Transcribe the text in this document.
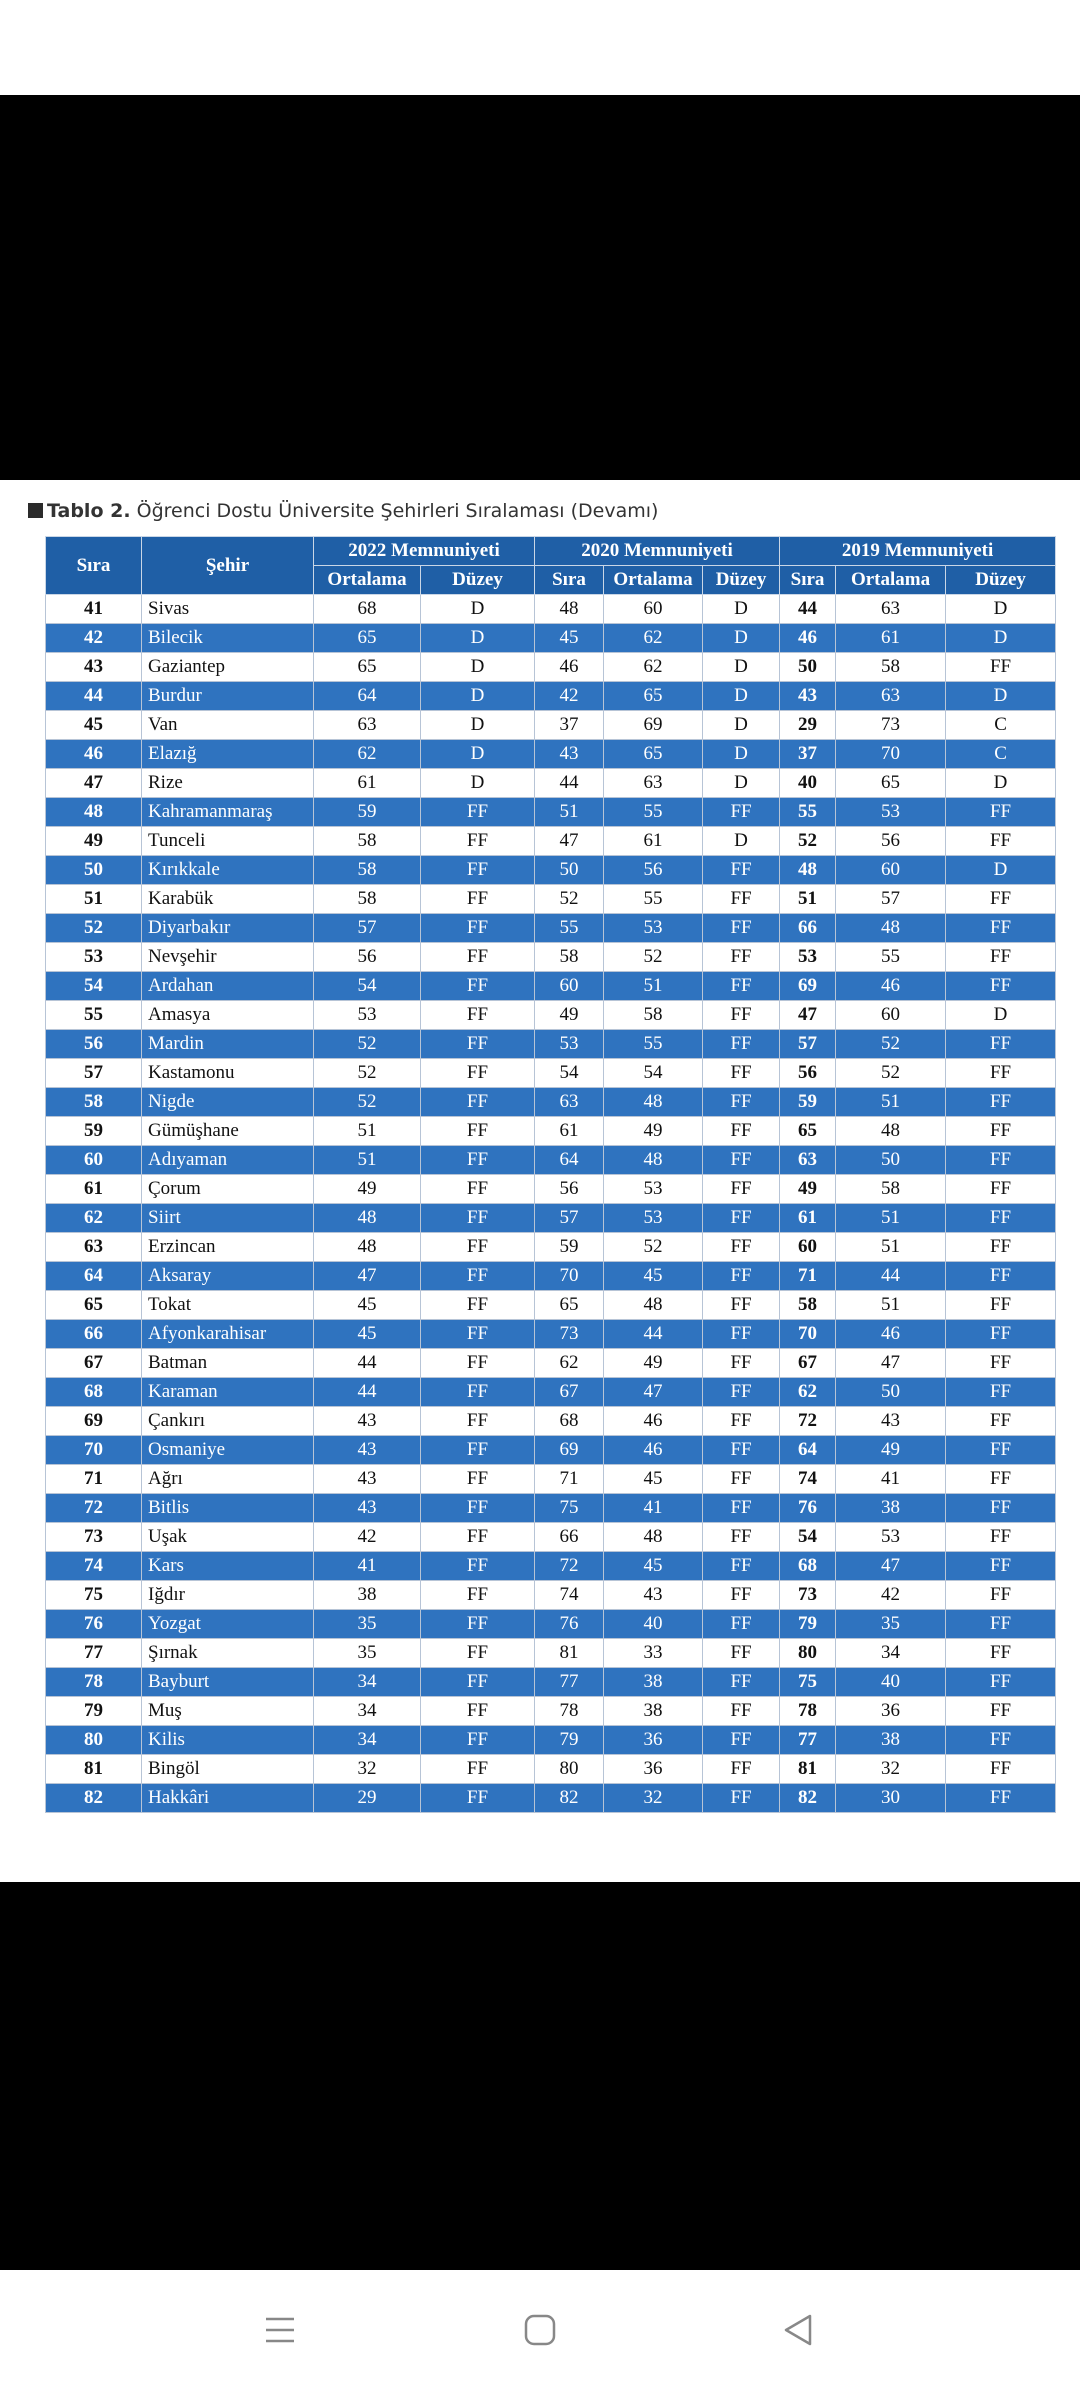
Tablo 2. Öğrenci Dostu Üniversite Şehirleri Sıralaması (Devamı)
Sıra	Şehir	2022 Memnuniyeti		2020 Memnuniyeti			2019 Memnuniyeti		
		Ortalama	Düzey	Sıra	Ortalama	Düzey	Sıra	Ortalama	Düzey
41	Sivas	68	D	48	60	D	44	63	D
42	Bilecik	65	D	45	62	D	46	61	D
43	Gaziantep	65	D	46	62	D	50	58	FF
44	Burdur	64	D	42	65	D	43	63	D
45	Van	63	D	37	69	D	29	73	C
46	Elazığ	62	D	43	65	D	37	70	C
47	Rize	61	D	44	63	D	40	65	D
48	Kahramanmaraş	59	FF	51	55	FF	55	53	FF
49	Tunceli	58	FF	47	61	D	52	56	FF
50	Kırıkkale	58	FF	50	56	FF	48	60	D
51	Karabük	58	FF	52	55	FF	51	57	FF
52	Diyarbakır	57	FF	55	53	FF	66	48	FF
53	Nevşehir	56	FF	58	52	FF	53	55	FF
54	Ardahan	54	FF	60	51	FF	69	46	FF
55	Amasya	53	FF	49	58	FF	47	60	D
56	Mardin	52	FF	53	55	FF	57	52	FF
57	Kastamonu	52	FF	54	54	FF	56	52	FF
58	Nigde	52	FF	63	48	FF	59	51	FF
59	Gümüşhane	51	FF	61	49	FF	65	48	FF
60	Adıyaman	51	FF	64	48	FF	63	50	FF
61	Çorum	49	FF	56	53	FF	49	58	FF
62	Siirt	48	FF	57	53	FF	61	51	FF
63	Erzincan	48	FF	59	52	FF	60	51	FF
64	Aksaray	47	FF	70	45	FF	71	44	FF
65	Tokat	45	FF	65	48	FF	58	51	FF
66	Afyonkarahisar	45	FF	73	44	FF	70	46	FF
67	Batman	44	FF	62	49	FF	67	47	FF
68	Karaman	44	FF	67	47	FF	62	50	FF
69	Çankırı	43	FF	68	46	FF	72	43	FF
70	Osmaniye	43	FF	69	46	FF	64	49	FF
71	Ağrı	43	FF	71	45	FF	74	41	FF
72	Bitlis	43	FF	75	41	FF	76	38	FF
73	Uşak	42	FF	66	48	FF	54	53	FF
74	Kars	41	FF	72	45	FF	68	47	FF
75	Iğdır	38	FF	74	43	FF	73	42	FF
76	Yozgat	35	FF	76	40	FF	79	35	FF
77	Şırnak	35	FF	81	33	FF	80	34	FF
78	Bayburt	34	FF	77	38	FF	75	40	FF
79	Muş	34	FF	78	38	FF	78	36	FF
80	Kilis	34	FF	79	36	FF	77	38	FF
81	Bingöl	32	FF	80	36	FF	81	32	FF
82	Hakkâri	29	FF	82	32	FF	82	30	FF
